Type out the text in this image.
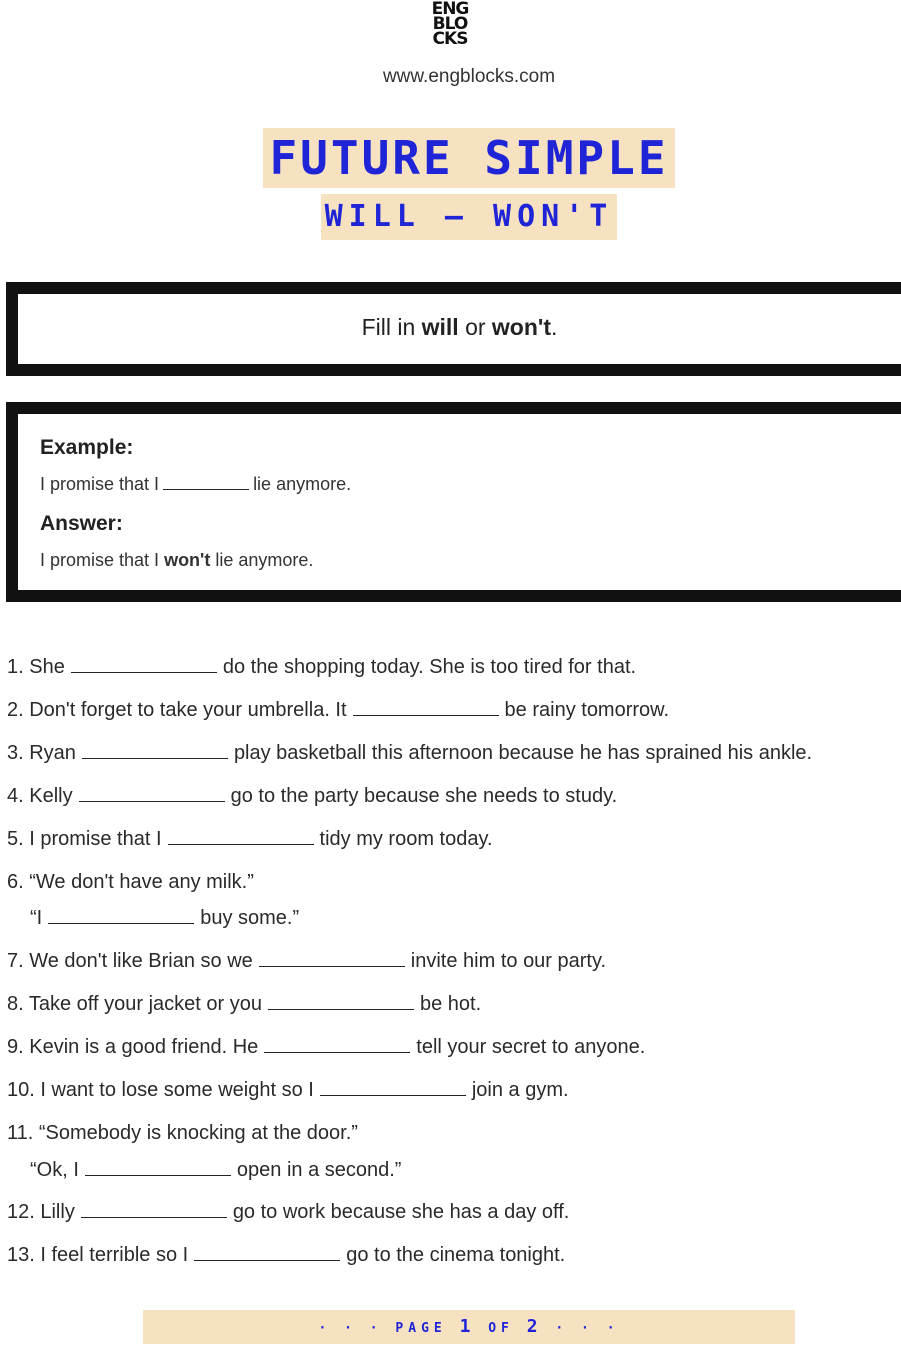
ENG
BLO
CKS
www.engblocks.com
FUTURE SIMPLE
WILL — WON'T
Fill in will or won't.
Example:
I promise that I	lie anymore.
Answer:
I promise that I won't lie anymore.
1. She	do the shopping today. She is too tired for that.
2. Don't forget to take your umbrella. It	be rainy tomorrow.
3. Ryan	play basketball this afternoon because he has sprained his ankle.
4. Kelly	go to the party because she needs to study.
5. I promise that I	tidy my room today.
6. “We don't have any milk.”
“I	buy some.”
7. We don't like Brian so we	invite him to our party.
8. Take off your jacket or you	be hot.
9. Kevin is a good friend. He	tell your secret to anyone.
10. I want to lose some weight so I	join a gym.
11. “Somebody is knocking at the door.”
“Ok, I	open in a second.”
12. Lilly	go to work because she has a day off.
13. I feel terrible so I	go to the cinema tonight.
· · · PAGE 1 OF 2 · · ·
